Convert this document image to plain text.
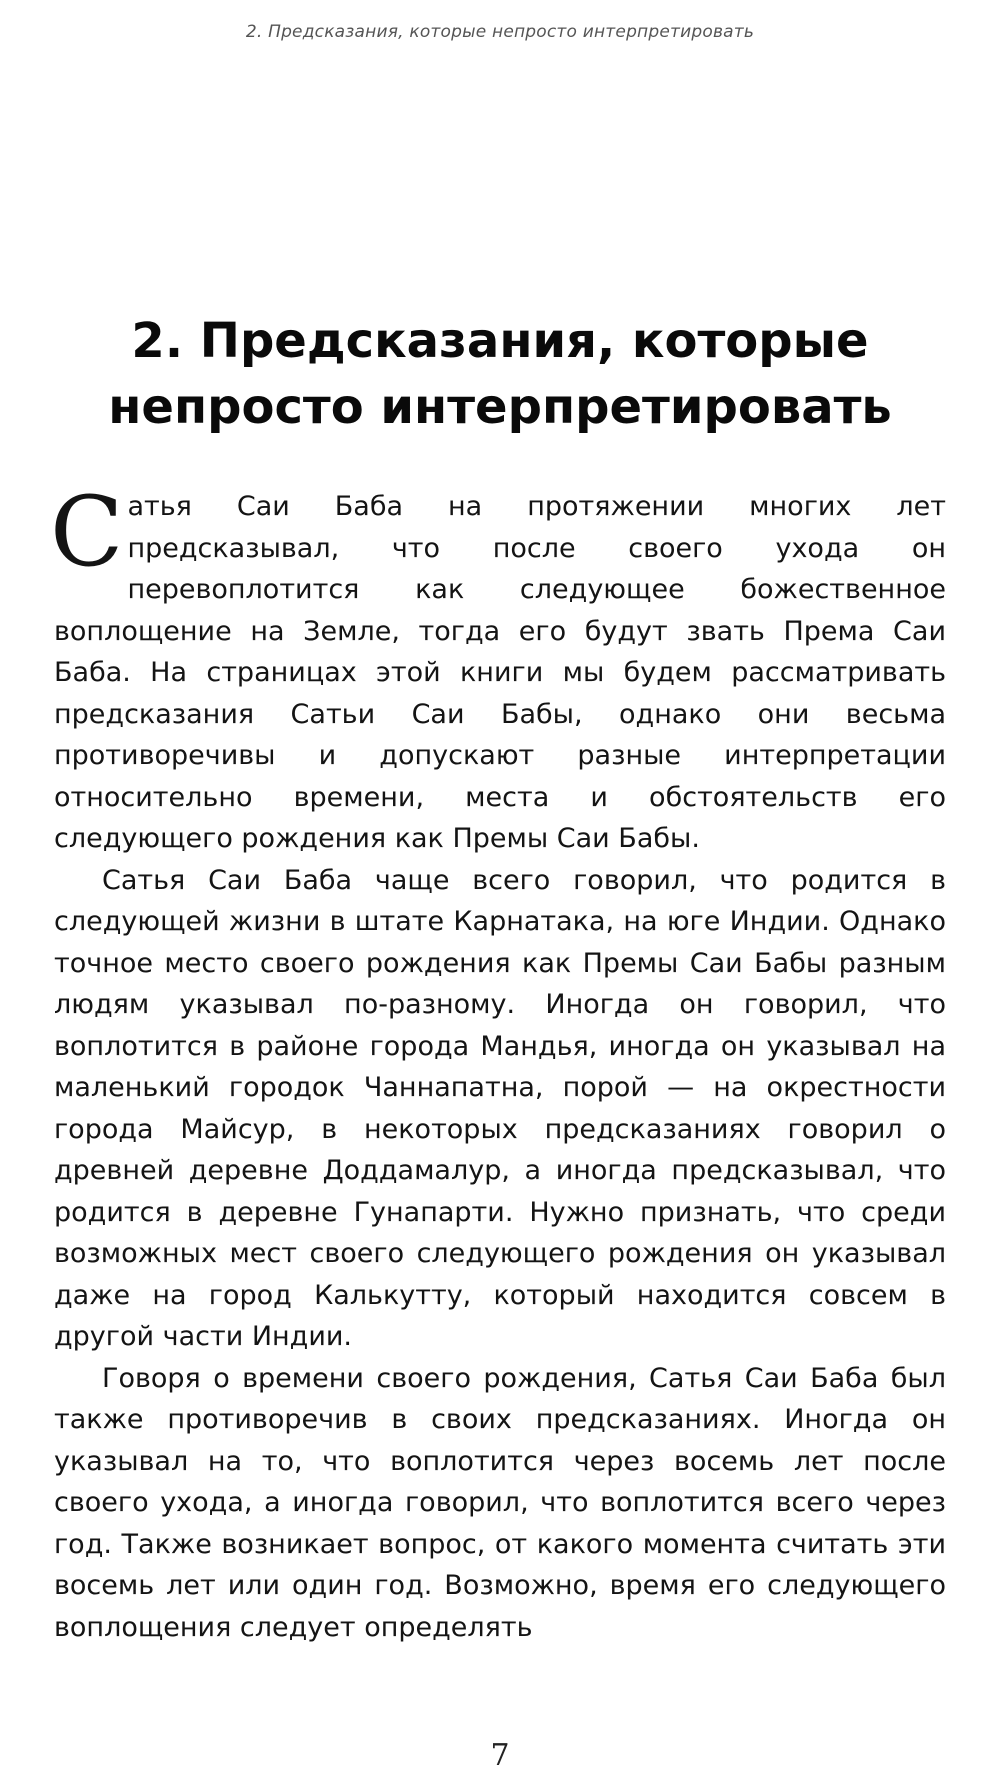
2. Предсказания, которые непросто интерпретировать
2. Предсказания, которые
непросто интерпретировать

Сатья Саи Баба на протяжении многих лет предсказывал, что после своего ухода он перевоплотится как следующее божественное воплощение на Земле, тогда его будут звать Према Саи Баба. На страницах этой книги мы будем рассматривать предсказания Сатьи Саи Бабы, однако они весьма противоречивы и допускают разные интерпретации относительно времени, места и обстоятельств его следующего рождения как Премы Саи Бабы.

Сатья Саи Баба чаще всего говорил, что родится в следующей жизни в штате Карнатака, на юге Индии. Однако точное место своего рождения как Премы Саи Бабы разным людям указывал по-разному. Иногда он говорил, что воплотится в районе города Мандья, иногда он указывал на маленький городок Чаннапатна, порой — на окрестности города Майсур, в некоторых предсказаниях говорил о древней деревне Доддамалур, а иногда предсказывал, что родится в деревне Гунапарти. Нужно признать, что среди возможных мест своего следующего рождения он указывал даже на город Калькутту, который находится совсем в другой части Индии.

Говоря о времени своего рождения, Сатья Саи Баба был также противоречив в своих предсказаниях. Иногда он указывал на то, что воплотится через восемь лет после своего ухода, а иногда говорил, что воплотится всего через год. Также возникает вопрос, от какого момента считать эти восемь лет или один год. Возможно, время его следующего воплощения следует определять

7
